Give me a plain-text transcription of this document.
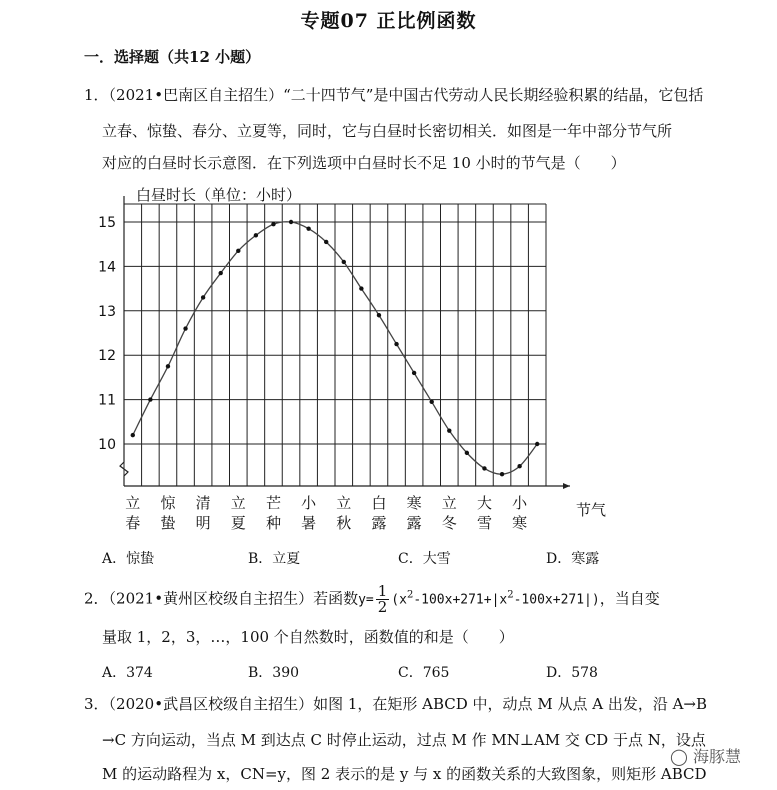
专题07 正比例函数
一．选择题（共12 小题）
1．（2021•巴南区自主招生）“二十四节气”是中国古代劳动人民长期经验积累的结晶，它包括
立春、惊蛰、春分、立夏等，同时，它与白昼时长密切相关．如图是一年中部分节气所
对应的白昼时长示意图．在下列选项中白昼时长不足 10 小时的节气是（　　）
白昼时长（单位：小时）
10
11
12
13
14
15
立
春
惊
蛰
清
明
立
夏
芒
种
小
暑
立
秋
白
露
寒
露
立
冬
大
雪
小
寒
节气
A．惊蛰	B．立夏	C．大雪	D．寒露
2．（2021•黄州区校级自主招生）若函数$y= \frac{1}{2} (x^2-100x+271+|x^2-100x+271|)$，当自变
量取 1，2，3，…，100 个自然数时，函数值的和是（　　）
A．374	B．390	C．765	D．578
3．（2020•武昌区校级自主招生）如图 1，在矩形 ABCD 中，动点 M 从点 A 出发，沿 A→B
→C 方向运动，当点 M 到达点 C 时停止运动，过点 M 作 MN⊥AM 交 CD 于点 N，设点
M 的运动路程为 x，CN=y，图 2 表示的是 y 与 x 的函数关系的大致图象，则矩形 ABCD
◯ 海豚慧
